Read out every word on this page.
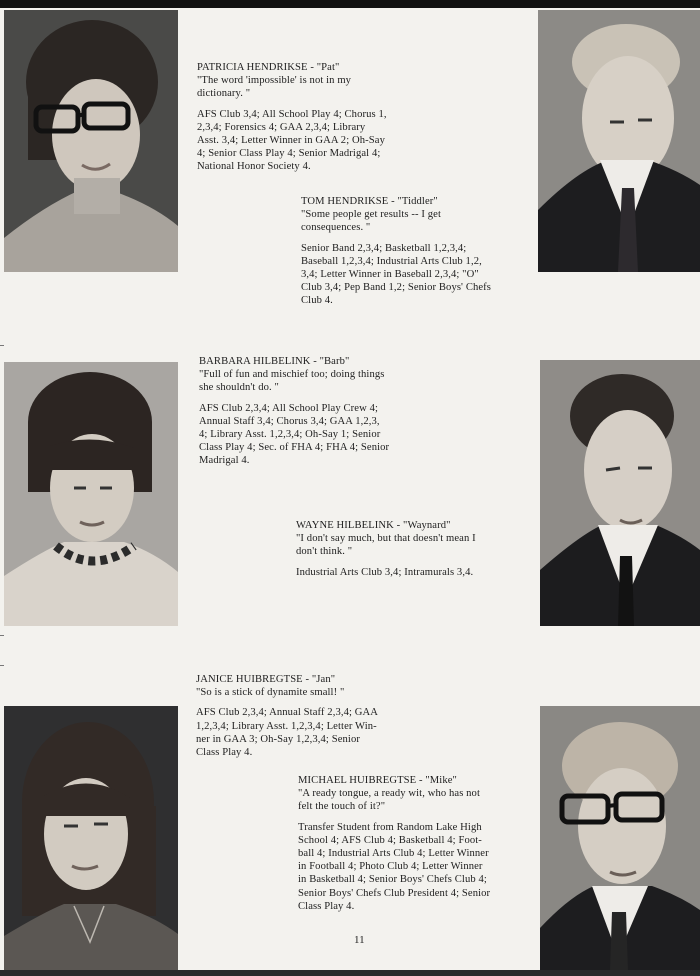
PATRICIA HENDRIKSE - "Pat"

"The word 'impossible' is not in my

dictionary. "

AFS Club 3,4; All School Play 4; Chorus 1,

2,3,4; Forensics 4; GAA 2,3,4; Library

Asst. 3,4; Letter Winner in GAA 2; Oh-Say

4; Senior Class Play 4; Senior Madrigal 4;

National Honor Society 4.

TOM HENDRIKSE - "Tiddler"

"Some people get results -- I get

consequences. "

Senior Band 2,3,4; Basketball 1,2,3,4;

Baseball 1,2,3,4; Industrial Arts Club 1,2,

3,4; Letter Winner in Baseball 2,3,4; "O"

Club 3,4; Pep Band 1,2; Senior Boys' Chefs

Club 4.

BARBARA HILBELINK - "Barb"

"Full of fun and mischief too; doing things

she shouldn't do. "

AFS Club 2,3,4; All School Play Crew 4;

Annual Staff 3,4; Chorus 3,4; GAA 1,2,3,

4; Library Asst. 1,2,3,4; Oh-Say 1; Senior

Class Play 4; Sec. of FHA 4; FHA 4; Senior

Madrigal 4.

WAYNE HILBELINK - "Waynard"

"I don't say much, but that doesn't mean I

don't think. "

Industrial Arts Club 3,4; Intramurals 3,4.

JANICE HUIBREGTSE - "Jan"

"So is a stick of dynamite small! "

AFS Club 2,3,4; Annual Staff 2,3,4; GAA

1,2,3,4; Library Asst. 1,2,3,4; Letter Win-

ner in GAA 3; Oh-Say 1,2,3,4; Senior

Class Play 4.

MICHAEL HUIBREGTSE - "Mike"

"A ready tongue, a ready wit, who has not

felt the touch of it?"

Transfer Student from Random Lake High

School 4; AFS Club 4; Basketball 4; Foot-

ball 4; Industrial Arts Club 4; Letter Winner

in Football 4; Photo Club 4; Letter Winner

in Basketball 4; Senior Boys' Chefs Club 4;

Senior Boys' Chefs Club President 4; Senior

Class Play 4.

11
